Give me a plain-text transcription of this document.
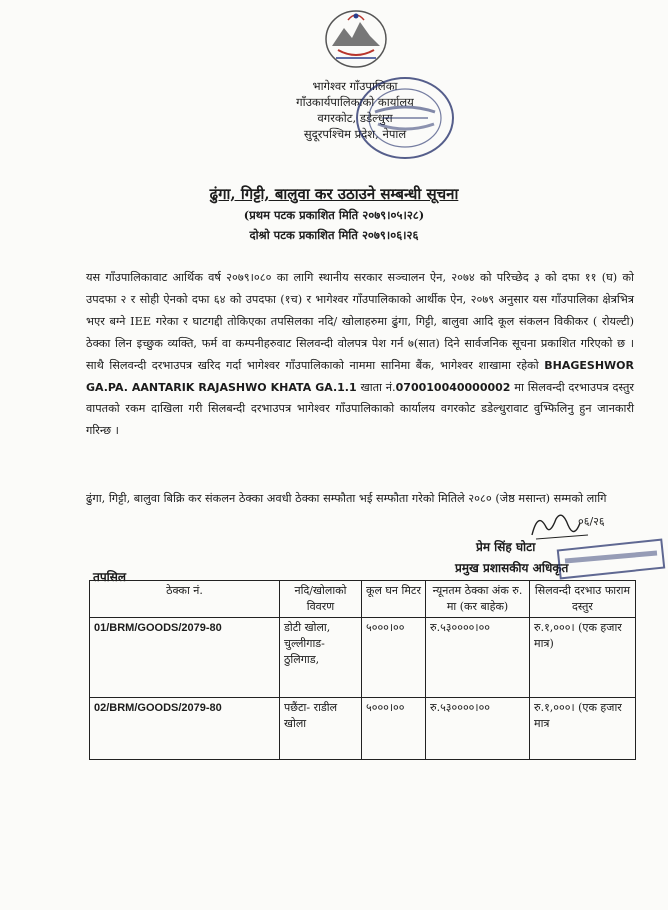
भागेश्वर गाँउपालिका
गाँउकार्यपालिकाको कार्यालय
वगरकोट, डडेल्धुरा
सुदूरपश्चिम प्रदेश, नेपाल
ढुंगा, गिट्टी, बालुवा कर उठाउने सम्बन्धी सूचना
(प्रथम पटक प्रकाशित मिति २०७९।०५।२८)
दोश्रो पटक प्रकाशित मिति २०७९।०६।२६
यस गाँउपालिकावाट आर्थिक वर्ष २०७९।०८० का लागि स्थानीय सरकार सञ्चालन ऐन, २०७४ को परिच्छेद ३ को दफा ११ (घ) को उपदफा २ र सोही ऐनको दफा ६४ को उपदफा (१च) र भागेश्वर गाँउपालिकाको आर्थीक ऐन, २०७९ अनुसार यस गाँउपालिका क्षेत्रभित्र भएर बग्ने IEE गरेका र घाटगद्दी तोकिएका तपसिलका नदि/ खोलाहरुमा ढुंगा, गिट्टी, बालुवा आदि कूल संकलन विकीकर ( रोयल्टी) ठेक्का लिन इच्छुक व्यक्ति, फर्म वा कम्पनीहरुवाट सिलवन्दी वोलपत्र पेश गर्न ७(सात) दिने सार्वजनिक सूचना प्रकाशित गरिएको छ । साथै सिलवन्दी दरभाउपत्र खरिद गर्दा भागेश्वर गाँउपालिकाको नाममा सानिमा बैंक, भागेश्वर शाखामा रहेको BHAGESHWOR GA.PA. AANTARIK RAJASHWO KHATA GA.1.1 खाता नं.070010040000002 मा सिलवन्दी दरभाउपत्र दस्तुर वापतको रकम दाखिला गरी सिलबन्दी दरभाउपत्र भागेश्वर गाँउपालिकाको कार्यालय वगरकोट डडेल्धुरावाट वुभ्फिलिनु हुन जानकारी गरिन्छ ।
ढुंगा, गिट्टी, बालुवा बिक्रि कर संकलन ठेक्का अवधी ठेक्का सम्फौता भई सम्फौता गरेको मितिले २०८० (जेष्ठ मसान्त) सम्मको लागि
०६/२६
प्रेम सिंह घोटा
प्रमुख प्रशासकीय अधिकृत
तपसिल
ठेक्का नं.	नदि/खोलाको विवरण	कूल घन मिटर	न्यूनतम ठेक्का अंक रु. मा (कर बाहेक)	सिलवन्दी दरभाउ फाराम दस्तुर
01/BRM/GOODS/2079-80	डोटी खोला, चुल्लीगाड- ठुलिगाड,	५०००।००	रु.५३००००।००	रु.१,०००। (एक हजार मात्र)
02/BRM/GOODS/2079-80	पछैंटा- राडील खोला	५०००।००	रु.५३००००।००	रु.१,०००। (एक हजार मात्र
